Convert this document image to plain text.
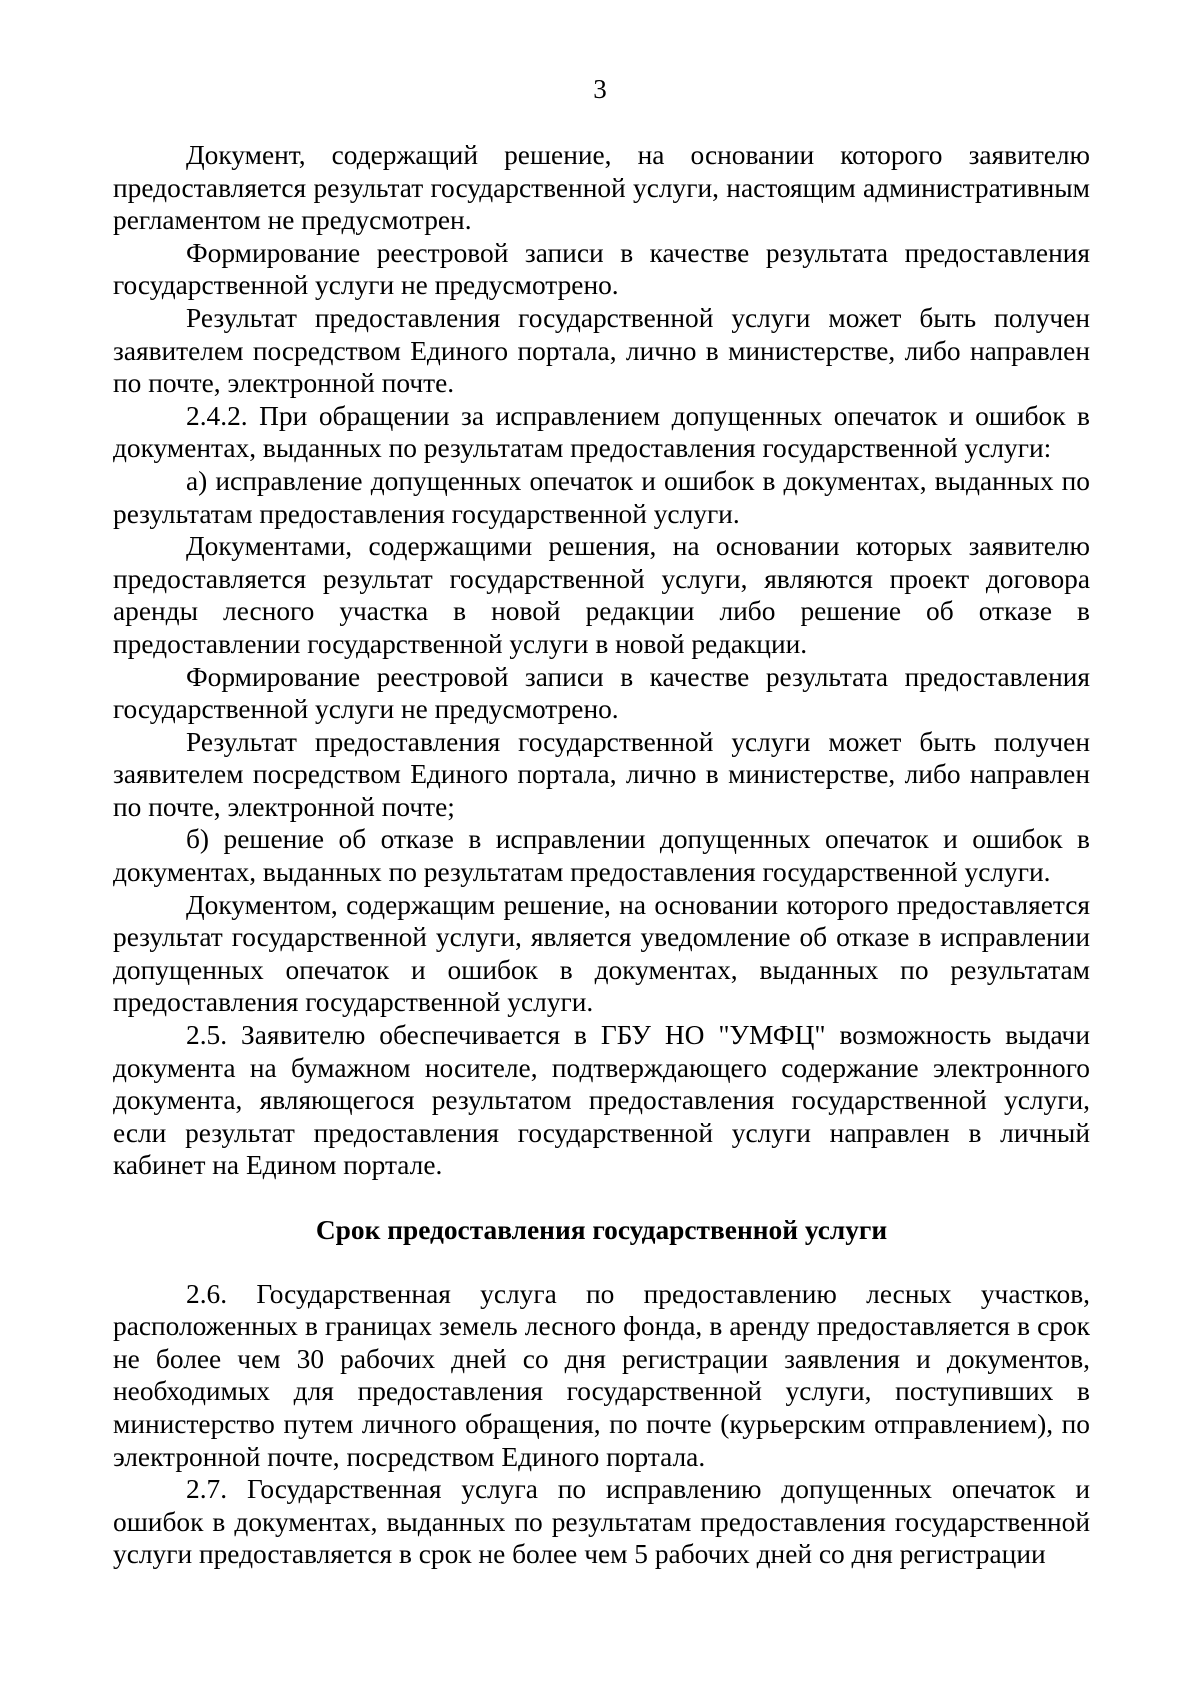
3

Документ, содержащий решение, на основании которого заявителю предоставляется результат государственной услуги, настоящим административным регламентом не предусмотрен.

Формирование реестровой записи в качестве результата предоставления государственной услуги не предусмотрено.

Результат предоставления государственной услуги может быть получен заявителем посредством Единого портала, лично в министерстве, либо направлен по почте, электронной почте.

2.4.2. При обращении за исправлением допущенных опечаток и ошибок в документах, выданных по результатам предоставления государственной услуги:

а) исправление допущенных опечаток и ошибок в документах, выданных по результатам предоставления государственной услуги.

Документами, содержащими решения, на основании которых заявителю предоставляется результат государственной услуги, являются проект договора аренды лесного участка в новой редакции либо решение об отказе в предоставлении государственной услуги в новой редакции.

Формирование реестровой записи в качестве результата предоставления государственной услуги не предусмотрено.

Результат предоставления государственной услуги может быть получен заявителем посредством Единого портала, лично в министерстве, либо направлен по почте, электронной почте;

б) решение об отказе в исправлении допущенных опечаток и ошибок в документах, выданных по результатам предоставления государственной услуги.

Документом, содержащим решение, на основании которого предоставляется результат государственной услуги, является уведомление об отказе в исправлении допущенных опечаток и ошибок в документах, выданных по результатам предоставления государственной услуги.

2.5. Заявителю обеспечивается в ГБУ НО "УМФЦ" возможность выдачи документа на бумажном носителе, подтверждающего содержание электронного документа, являющегося результатом предоставления государственной услуги, если результат предоставления государственной услуги направлен в личный кабинет на Едином портале.

Срок предоставления государственной услуги

2.6. Государственная услуга по предоставлению лесных участков, расположенных в границах земель лесного фонда, в аренду предоставляется в срок не более чем 30 рабочих дней со дня регистрации заявления и документов, необходимых для предоставления государственной услуги, поступивших в министерство путем личного обращения, по почте (курьерским отправлением), по электронной почте, посредством Единого портала.

2.7. Государственная услуга по исправлению допущенных опечаток и ошибок в документах, выданных по результатам предоставления государственной услуги предоставляется в срок не более чем 5 рабочих дней со дня регистрации
